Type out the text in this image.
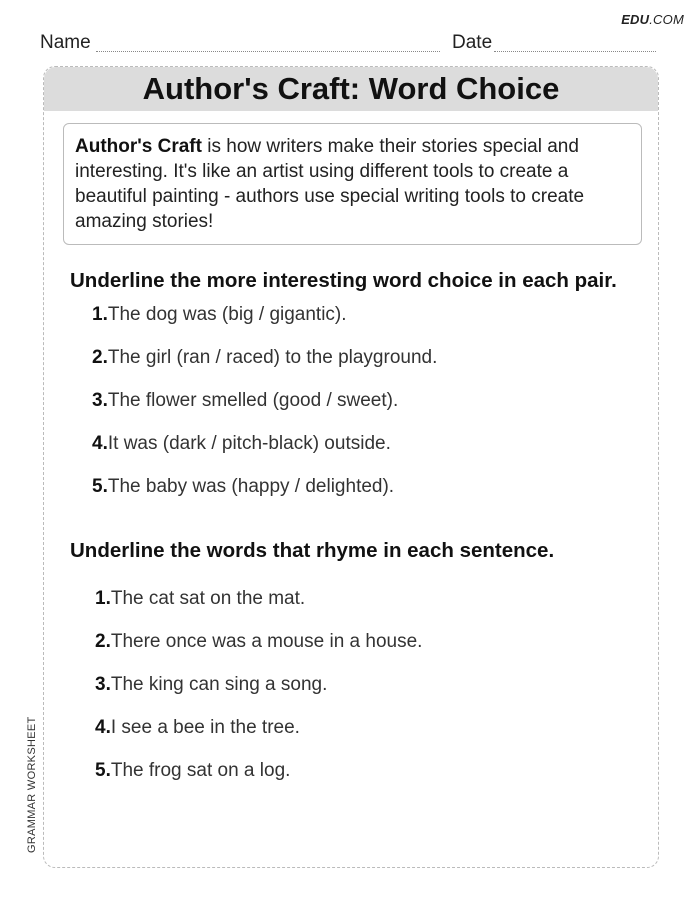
EDU.COM
Name	Date
Author's Craft: Word Choice
Author's Craft is how writers make their stories special and interesting. It's like an artist using different tools to create a beautiful painting - authors use special writing tools to create amazing stories!
Underline the more interesting word choice in each pair.
1.The dog was (big / gigantic).
2.The girl (ran / raced) to the playground.
3.The flower smelled (good / sweet).
4.It was (dark / pitch-black) outside.
5.The baby was (happy / delighted).
Underline the words that rhyme in each sentence.
1.The cat sat on the mat.
2.There once was a mouse in a house.
3.The king can sing a song.
4.I see a bee in the tree.
5.The frog sat on a log.
GRAMMAR WORKSHEET
